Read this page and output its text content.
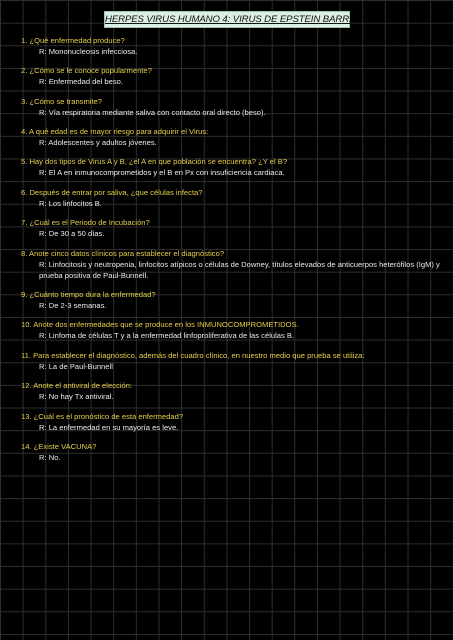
HERPES VIRUS HUMANO 4: VIRUS DE EPSTEIN BARR.
1. ¿Qué enfermedad produce?
R: Mononucleosis infecciosa.
2. ¿Cómo se le conoce popularmente?
R: Enfermedad del beso.
3. ¿Cómo se transmite?
R: Vía respiratoria mediante saliva con contacto oral directo (beso).
4. A qué edad es de mayor riesgo para adquirir el Virus:
R: Adolescentes y adultos jóvenes.
5. Hay dos tipos de Virus A y B, ¿el A en que población se encuentra? ¿Y el B?
R: El A en inmunocomprometidos y el B en Px con insuficiencia cardiaca.
6. Después de entrar por saliva, ¿que células infecta?
R: Los linfocitos B.
7. ¿Cuál es el Periodo de Incubación?
R: De 30 a 50 días.
8. Anote cinco datos clínicos para establecer el diagnóstico?
R: Linfocitosis y neutropenia, linfocitos atípicos o células de Downey, títulos elevados de anticuerpos heterófilos (IgM) y prueba positiva de Paul-Bunnell.
9. ¿Cuánto tiempo dura la enfermedad?
R: De 2-3 semanas.
10. Anote dos enfermedades que se produce en los INMUNOCOMPROMETIDOS.
R: Linfoma de células T y a la enfermedad linfoproliferativa de las células B.
11. Para establecer el diagnóstico, además del cuadro clínico, en nuestro medio que prueba se utiliza:
R: La de Paul-Bunnell
12. Anote el antiviral de elección:
R: No hay Tx antiviral.
13. ¿Cuál es el pronóstico de esta enfermedad?
R: La enfermedad en su mayoría es leve.
14. ¿Existe VACUNA?
R: No.
